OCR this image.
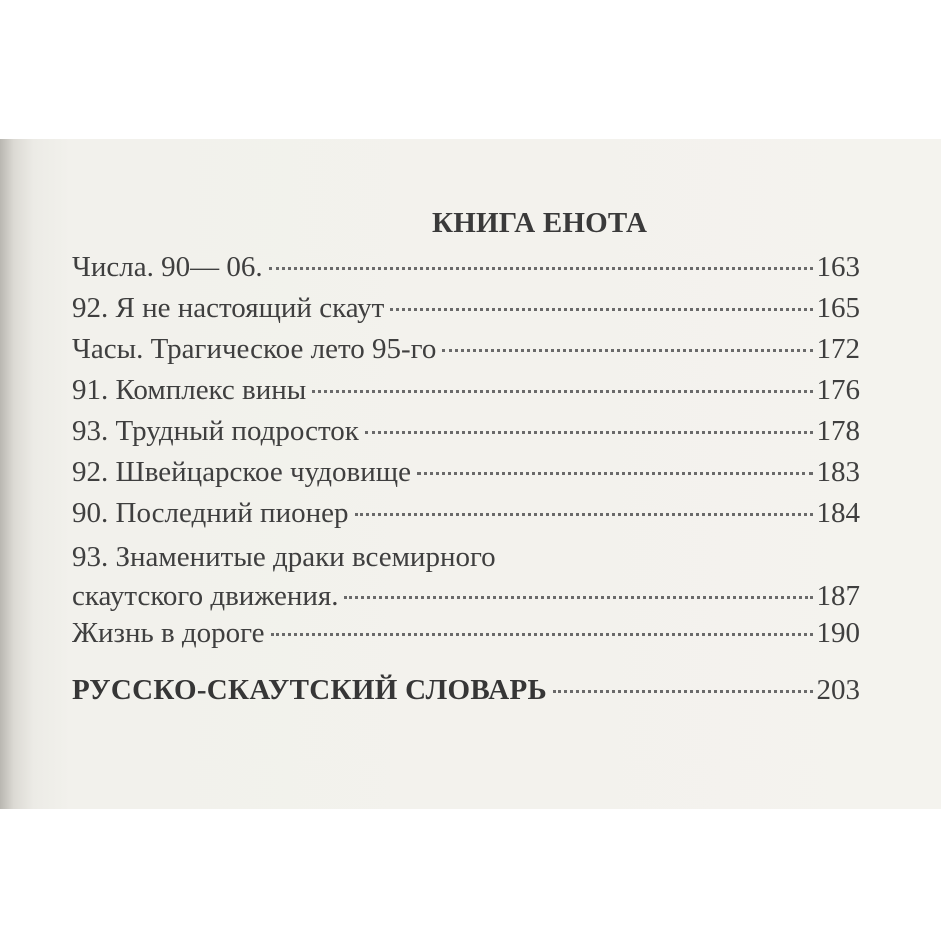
КНИГА ЕНОТА
Числа. 90— 06.	163
92. Я не настоящий скаут	165
Часы. Трагическое лето 95-го	172
91. Комплекс вины	176
93. Трудный подросток	178
92. Швейцарское чудовище	183
90. Последний пионер	184
93. Знаменитые драки всемирного
скаутского движения.	187
Жизнь в дороге	190
РУССКО-СКАУТСКИЙ СЛОВАРЬ	203
